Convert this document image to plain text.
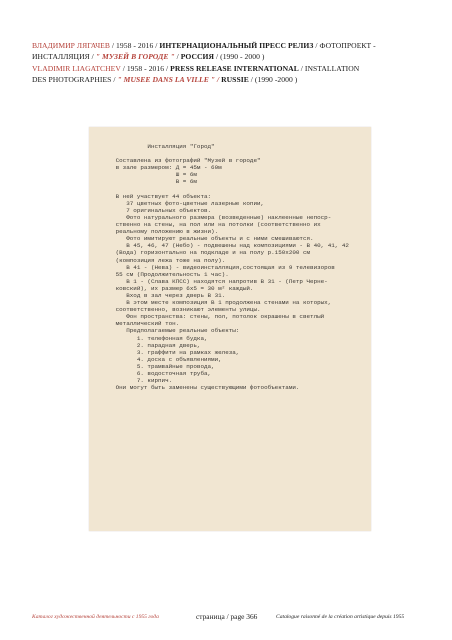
ВЛАДИМИР ЛЯГАЧЕВ / 1958 - 2016 / ИНТЕРНАЦИОНАЛЬНЫЙ ПРЕСС РЕЛИЗ / ФОТОПРОЕКТ -
ИНСТАЛЛЯЦИЯ / " МУЗЕЙ В ГОРОДЕ " / РОССИЯ / (1990 - 2000 )
VLADIMIR LIAGATCHEV / 1958 - 2016 / PRESS RELEASE INTERNATIONAL / INSTALLATION
DES PHOTOGRAPHIES / " MUSEE DANS LA VILLE " / RUSSIE / (1990 -2000 )
Инсталляция "Город"
Составлена из фотографий "Музей в городе"
в зале размером: Д = 45м - 60м
Ш = 6м
В = 6м
В ней участвует 44 объекта:
37 цветных фото-цветные лазерные копии,
7 оригинальных объектов.
Фото натурального размера (возведенные) наклеенные непоср-
ственно на стены, на пол или на потолки (соответственно их
реальному положению в жизни).
Фото имитируют реальные объекты и с ними смешиваются.
В 45, 46, 47 (Небо) - подвешены над композициями - В 40, 41, 42
(Вода) горизонтально на подкладе и на полу р.150х200 см
(композиция лежа тоже на полу).
В 41 - (Нева) - видеоинсталляция,состоящая из 9 телевизоров
55 см (Продолжительность 1 час).
В 1 - (Слава КПСС) находятся напротив В 31 - (Петр Черне-
ковский), их размер 6х5 = 30 м² каждый.
Вход в зал через дверь В 31.
В этом месте композиция В 1 продолжена стенами на которых,
соответственно, возникают элементы улицы.
Фон пространства: стены, пол, потолок окрашены в светлый
металлический тон.
Предполагаемые реальные объекты:
1. телефонная будка,
2. парадная дверь,
3. граффити на рамках железа,
4. доска с объявлениями,
5. трамвайные провода,
6. водосточная труба,
7. кирпич.
Они могут быть заменены существующими фотообъектами.
Каталог художественной деятельности с 1955 года	страница / page 366	Catalogue raisonné de la création artistique depuis 1955
